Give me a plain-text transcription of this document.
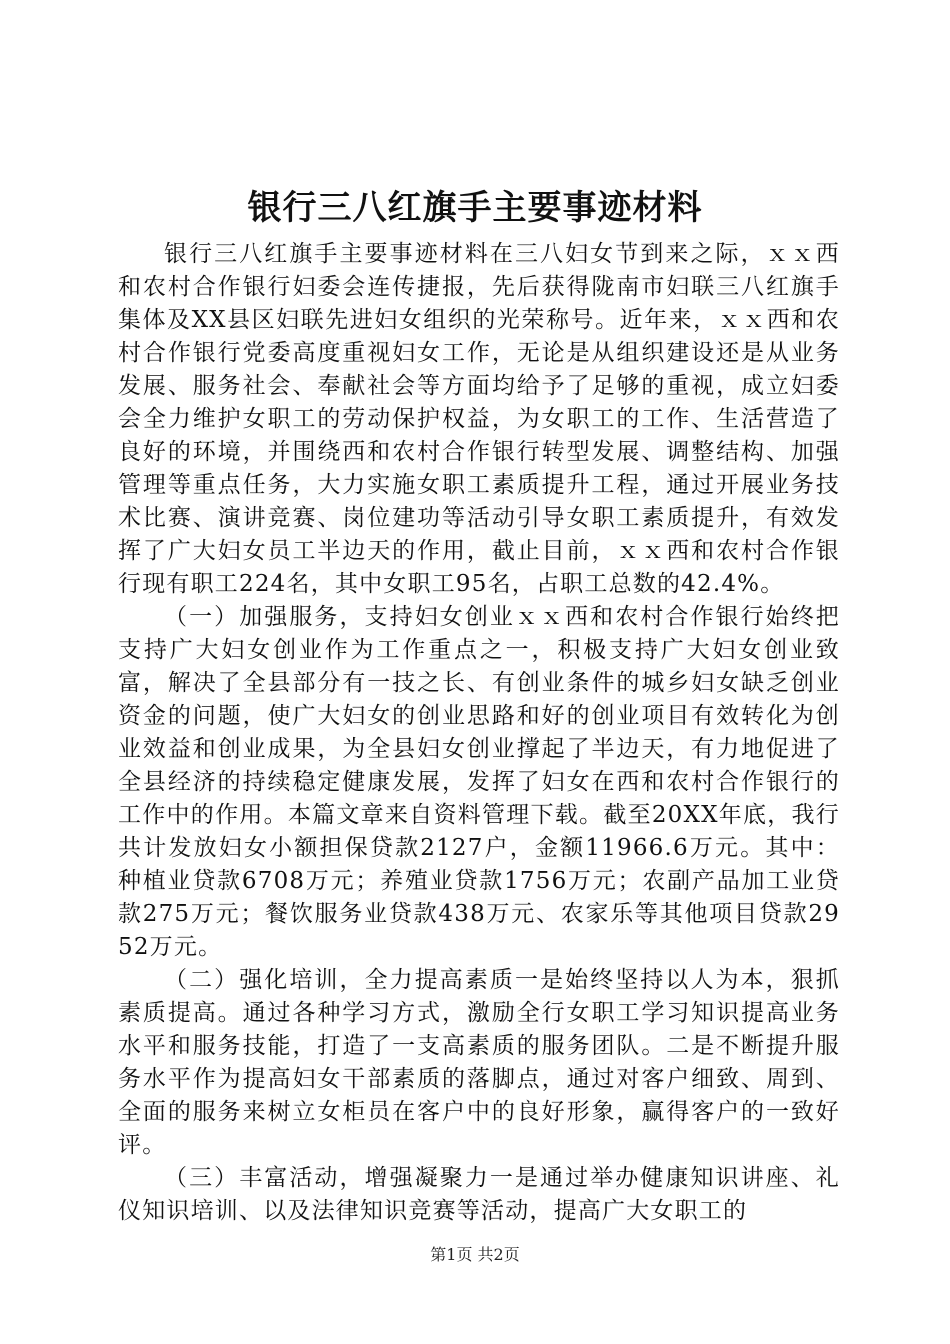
银行三八红旗手主要事迹材料

银行三八红旗手主要事迹材料在三八妇女节到来之际，ｘｘ西和农村合作银行妇委会连传捷报，先后获得陇南市妇联三八红旗手集体及XX县区妇联先进妇女组织的光荣称号。近年来，ｘｘ西和农村合作银行党委高度重视妇女工作，无论是从组织建设还是从业务发展、服务社会、奉献社会等方面均给予了足够的重视，成立妇委会全力维护女职工的劳动保护权益，为女职工的工作、生活营造了良好的环境，并围绕西和农村合作银行转型发展、调整结构、加强管理等重点任务，大力实施女职工素质提升工程，通过开展业务技术比赛、演讲竞赛、岗位建功等活动引导女职工素质提升，有效发挥了广大妇女员工半边天的作用，截止目前，ｘｘ西和农村合作银行现有职工224名，其中女职工95名，占职工总数的42.4%。

（一）加强服务，支持妇女创业ｘｘ西和农村合作银行始终把支持广大妇女创业作为工作重点之一，积极支持广大妇女创业致富，解决了全县部分有一技之长、有创业条件的城乡妇女缺乏创业资金的问题，使广大妇女的创业思路和好的创业项目有效转化为创业效益和创业成果，为全县妇女创业撑起了半边天，有力地促进了全县经济的持续稳定健康发展，发挥了妇女在西和农村合作银行的工作中的作用。本篇文章来自资料管理下载。截至20XX年底，我行共计发放妇女小额担保贷款2127户，金额11966.6万元。其中：种植业贷款6708万元；养殖业贷款1756万元；农副产品加工业贷款275万元；餐饮服务业贷款438万元、农家乐等其他项目贷款2952万元。

（二）强化培训，全力提高素质一是始终坚持以人为本，狠抓素质提高。通过各种学习方式，激励全行女职工学习知识提高业务水平和服务技能，打造了一支高素质的服务团队。二是不断提升服务水平作为提高妇女干部素质的落脚点，通过对客户细致、周到、全面的服务来树立女柜员在客户中的良好形象，赢得客户的一致好评。

（三）丰富活动，增强凝聚力一是通过举办健康知识讲座、礼仪知识培训、以及法律知识竞赛等活动，提高广大女职工的

第1页 共2页
